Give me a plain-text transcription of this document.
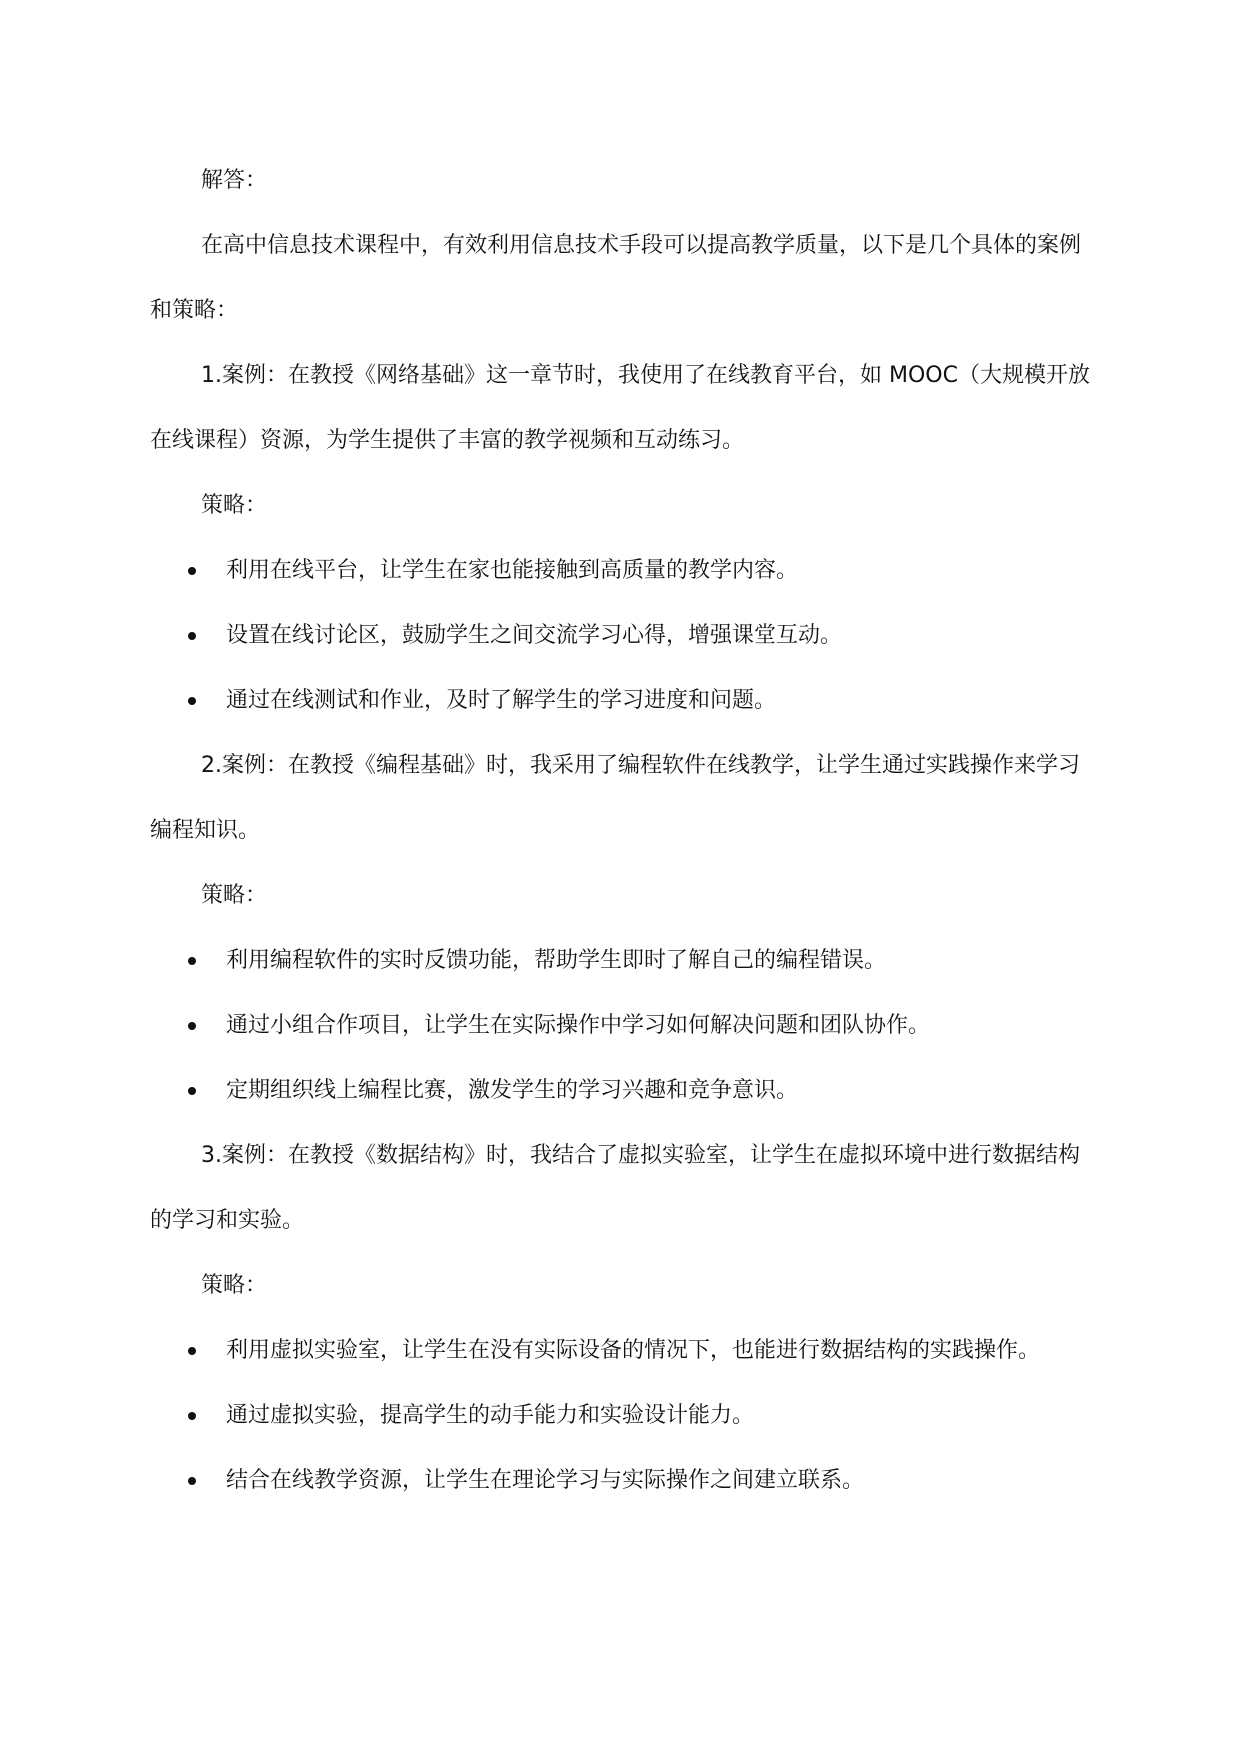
解答：

在高中信息技术课程中，有效利用信息技术手段可以提高教学质量，以下是几个具体的案例和策略：

1.案例：在教授《网络基础》这一章节时，我使用了在线教育平台，如 MOOC（大规模开放在线课程）资源，为学生提供了丰富的教学视频和互动练习。

策略：

利用在线平台，让学生在家也能接触到高质量的教学内容。
设置在线讨论区，鼓励学生之间交流学习心得，增强课堂互动。
通过在线测试和作业，及时了解学生的学习进度和问题。

2.案例：在教授《编程基础》时，我采用了编程软件在线教学，让学生通过实践操作来学习编程知识。

策略：

利用编程软件的实时反馈功能，帮助学生即时了解自己的编程错误。
通过小组合作项目，让学生在实际操作中学习如何解决问题和团队协作。
定期组织线上编程比赛，激发学生的学习兴趣和竞争意识。

3.案例：在教授《数据结构》时，我结合了虚拟实验室，让学生在虚拟环境中进行数据结构的学习和实验。

策略：

利用虚拟实验室，让学生在没有实际设备的情况下，也能进行数据结构的实践操作。
通过虚拟实验，提高学生的动手能力和实验设计能力。
结合在线教学资源，让学生在理论学习与实际操作之间建立联系。
